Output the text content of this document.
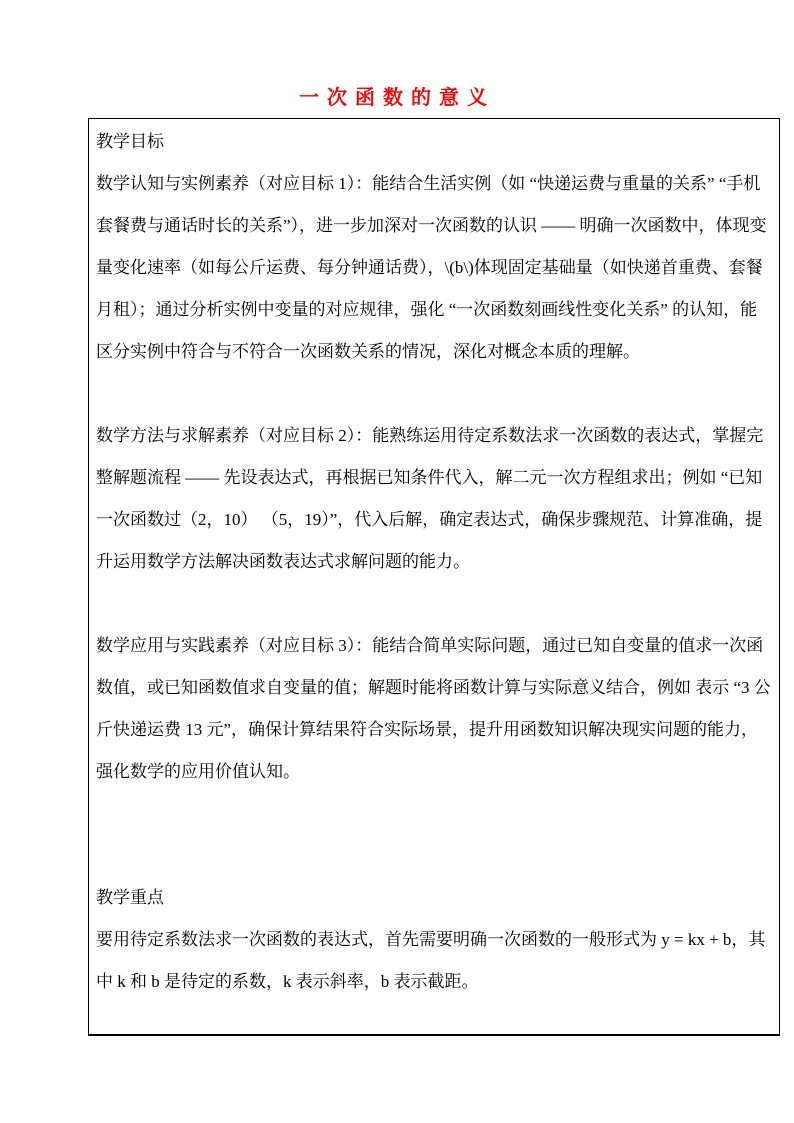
一次函数的意义

教学目标

数学认知与实例素养（对应目标 1）：能结合生活实例（如 “快递运费与重量的关系” “手机套餐费与通话时长的关系”），进一步加深对一次函数的认识 —— 明确一次函数中，体现变量变化速率（如每公斤运费、每分钟通话费），\(b\)体现固定基础量（如快递首重费、套餐月租）；通过分析实例中变量的对应规律，强化 “一次函数刻画线性变化关系” 的认知，能区分实例中符合与不符合一次函数关系的情况，深化对概念本质的理解。

数学方法与求解素养（对应目标 2）：能熟练运用待定系数法求一次函数的表达式，掌握完整解题流程 —— 先设表达式，再根据已知条件代入，解二元一次方程组求出；例如 “已知一次函数过（2，10） （5，19）”，代入后解，确定表达式，确保步骤规范、计算准确，提升运用数学方法解决函数表达式求解问题的能力。

数学应用与实践素养（对应目标 3）：能结合简单实际问题，通过已知自变量的值求一次函数值，或已知函数值求自变量的值；解题时能将函数计算与实际意义结合，例如 表示 “3 公斤快递运费 13 元”，确保计算结果符合实际场景，提升用函数知识解决现实问题的能力，强化数学的应用价值认知。

教学重点

要用待定系数法求一次函数的表达式，首先需要明确一次函数的一般形式为 y = kx + b，其中 k 和 b 是待定的系数，k 表示斜率，b 表示截距。
